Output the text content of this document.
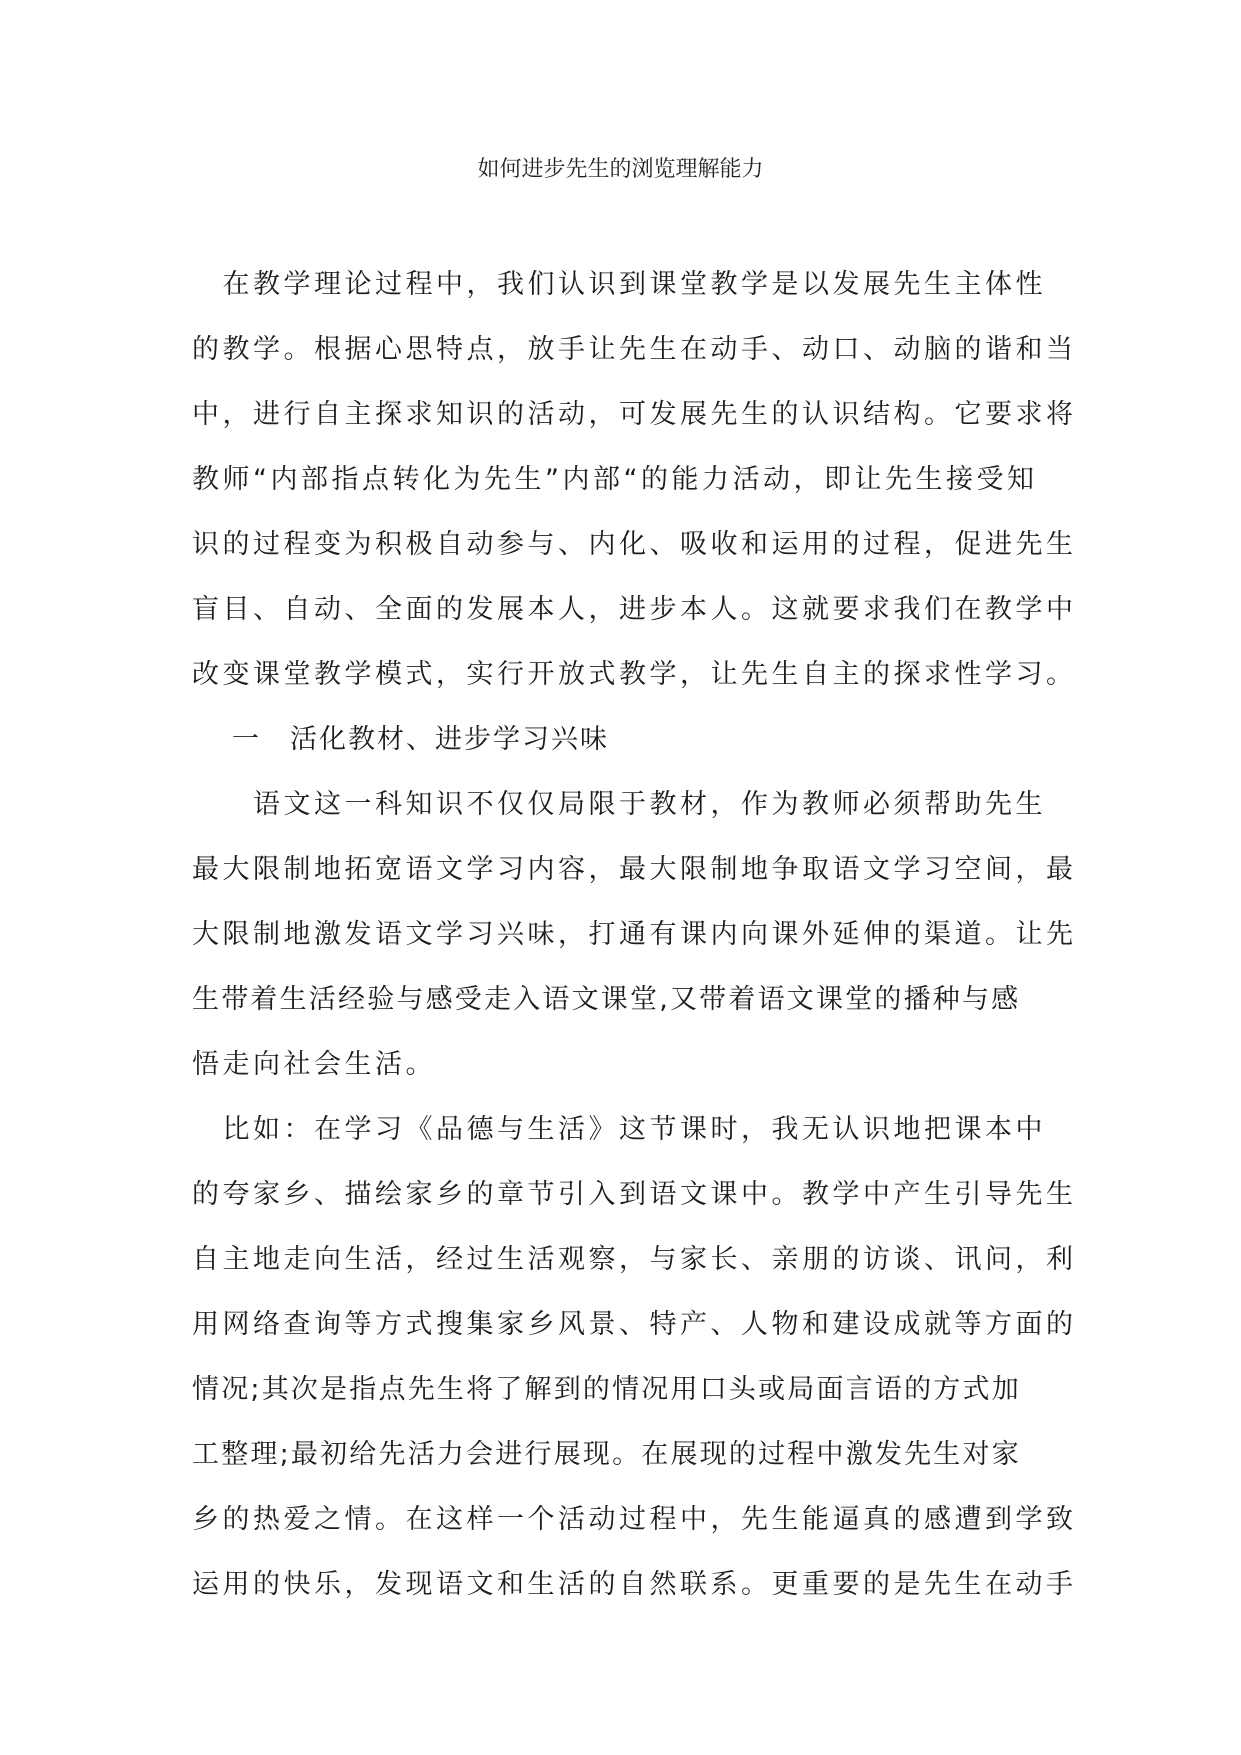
如何进步先生的浏览理解能力
　在教学理论过程中，我们认识到课堂教学是以发展先生主体性
的教学。根据心思特点，放手让先生在动手、动口、动脑的谐和当
中，进行自主探求知识的活动，可发展先生的认识结构。它要求将
教师“内部指点转化为先生”内部“的能力活动，即让先生接受知
识的过程变为积极自动参与、内化、吸收和运用的过程，促进先生
盲目、自动、全面的发展本人，进步本人。这就要求我们在教学中
改变课堂教学模式，实行开放式教学，让先生自主的探求性学习。
一 活化教材、进步学习兴味
　　语文这一科知识不仅仅局限于教材，作为教师必须帮助先生
最大限制地拓宽语文学习内容，最大限制地争取语文学习空间，最
大限制地激发语文学习兴味，打通有课内向课外延伸的渠道。让先
生带着生活经验与感受走入语文课堂,又带着语文课堂的播种与感
悟走向社会生活。
　比如：在学习《品德与生活》这节课时，我无认识地把课本中
的夸家乡、描绘家乡的章节引入到语文课中。教学中产生引导先生
自主地走向生活，经过生活观察，与家长、亲朋的访谈、讯问，利
用网络查询等方式搜集家乡风景、特产、人物和建设成就等方面的
情况;其次是指点先生将了解到的情况用口头或局面言语的方式加
工整理;最初给先活力会进行展现。在展现的过程中激发先生对家
乡的热爱之情。在这样一个活动过程中，先生能逼真的感遭到学致
运用的快乐，发现语文和生活的自然联系。更重要的是先生在动手
